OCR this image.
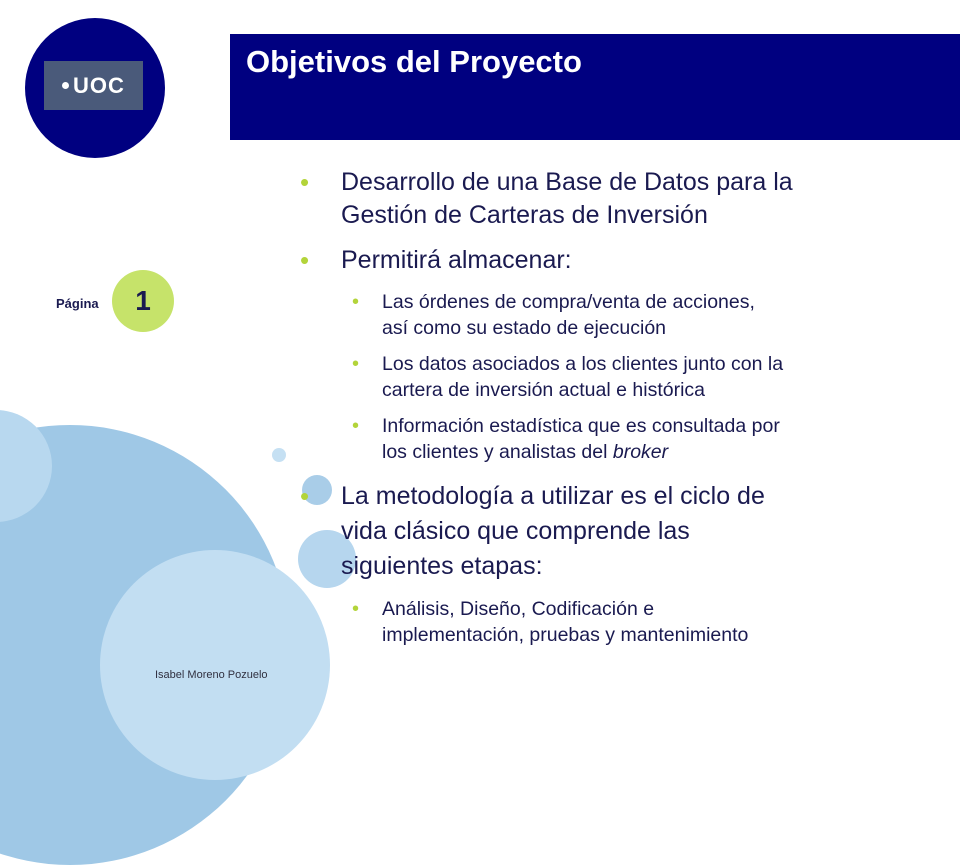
UOC
Objetivos del Proyecto
Página	1
Isabel Moreno Pozuelo
• Desarrollo de una Base de Datos para la
Gestión de Carteras de Inversión
• Permitirá almacenar:
• Las órdenes de compra/venta de acciones,
así como su estado de ejecución
• Los datos asociados a los clientes junto con la
cartera de inversión actual e histórica
• Información estadística que es consultada por
los clientes y analistas del broker
• La metodología a utilizar es el ciclo de
vida clásico que comprende las
siguientes etapas:
• Análisis, Diseño, Codificación e
implementación, pruebas y mantenimiento
